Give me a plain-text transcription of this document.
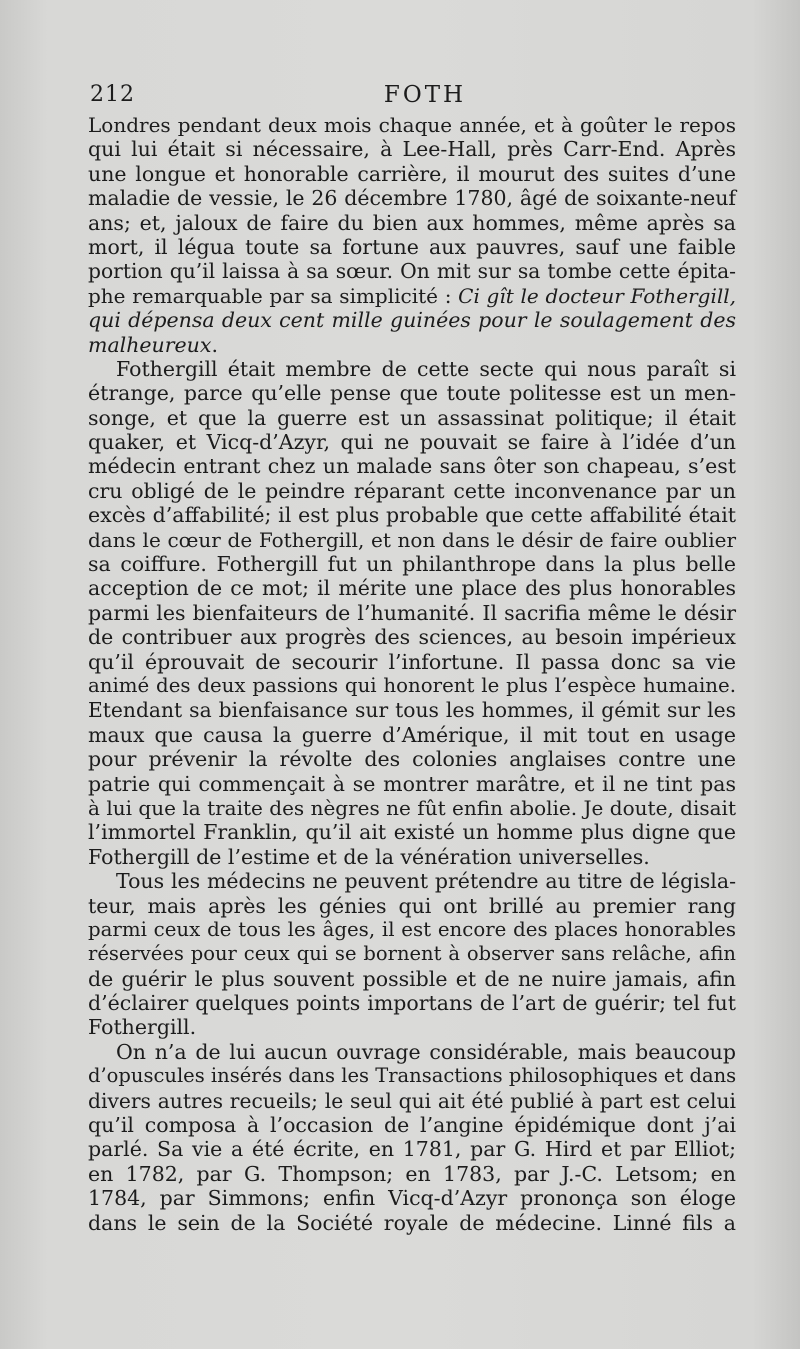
212	FOTH
Londres pendant deux mois chaque année, et à goûter le repos
qui lui était si nécessaire, à Lee-Hall, près Carr-End. Après
une longue et honorable carrière, il mourut des suites d’une
maladie de vessie, le 26 décembre 1780, âgé de soixante-neuf
ans; et, jaloux de faire du bien aux hommes, même après sa
mort, il légua toute sa fortune aux pauvres, sauf une faible
portion qu’il laissa à sa sœur. On mit sur sa tombe cette épita-
phe remarquable par sa simplicité : Ci gît le docteur Fothergill,
qui dépensa deux cent mille guinées pour le soulagement des
malheureux.
Fothergill était membre de cette secte qui nous paraît si
étrange, parce qu’elle pense que toute politesse est un men-
songe, et que la guerre est un assassinat politique; il était
quaker, et Vicq-d’Azyr, qui ne pouvait se faire à l’idée d’un
médecin entrant chez un malade sans ôter son chapeau, s’est
cru obligé de le peindre réparant cette inconvenance par un
excès d’affabilité; il est plus probable que cette affabilité était
dans le cœur de Fothergill, et non dans le désir de faire oublier
sa coiffure. Fothergill fut un philanthrope dans la plus belle
acception de ce mot; il mérite une place des plus honorables
parmi les bienfaiteurs de l’humanité. Il sacrifia même le désir
de contribuer aux progrès des sciences, au besoin impérieux
qu’il éprouvait de secourir l’infortune. Il passa donc sa vie
animé des deux passions qui honorent le plus l’espèce humaine.
Etendant sa bienfaisance sur tous les hommes, il gémit sur les
maux que causa la guerre d’Amérique, il mit tout en usage
pour prévenir la révolte des colonies anglaises contre une
patrie qui commençait à se montrer marâtre, et il ne tint pas
à lui que la traite des nègres ne fût enfin abolie. Je doute, disait
l’immortel Franklin, qu’il ait existé un homme plus digne que
Fothergill de l’estime et de la vénération universelles.
Tous les médecins ne peuvent prétendre au titre de législa-
teur, mais après les génies qui ont brillé au premier rang
parmi ceux de tous les âges, il est encore des places honorables
réservées pour ceux qui se bornent à observer sans relâche, afin
de guérir le plus souvent possible et de ne nuire jamais, afin
d’éclairer quelques points importans de l’art de guérir; tel fut
Fothergill.
On n’a de lui aucun ouvrage considérable, mais beaucoup
d’opuscules insérés dans les Transactions philosophiques et dans
divers autres recueils; le seul qui ait été publié à part est celui
qu’il composa à l’occasion de l’angine épidémique dont j’ai
parlé. Sa vie a été écrite, en 1781, par G. Hird et par Elliot;
en 1782, par G. Thompson; en 1783, par J.-C. Letsom; en
1784, par Simmons; enfin Vicq-d’Azyr prononça son éloge
dans le sein de la Société royale de médecine. Linné fils a
